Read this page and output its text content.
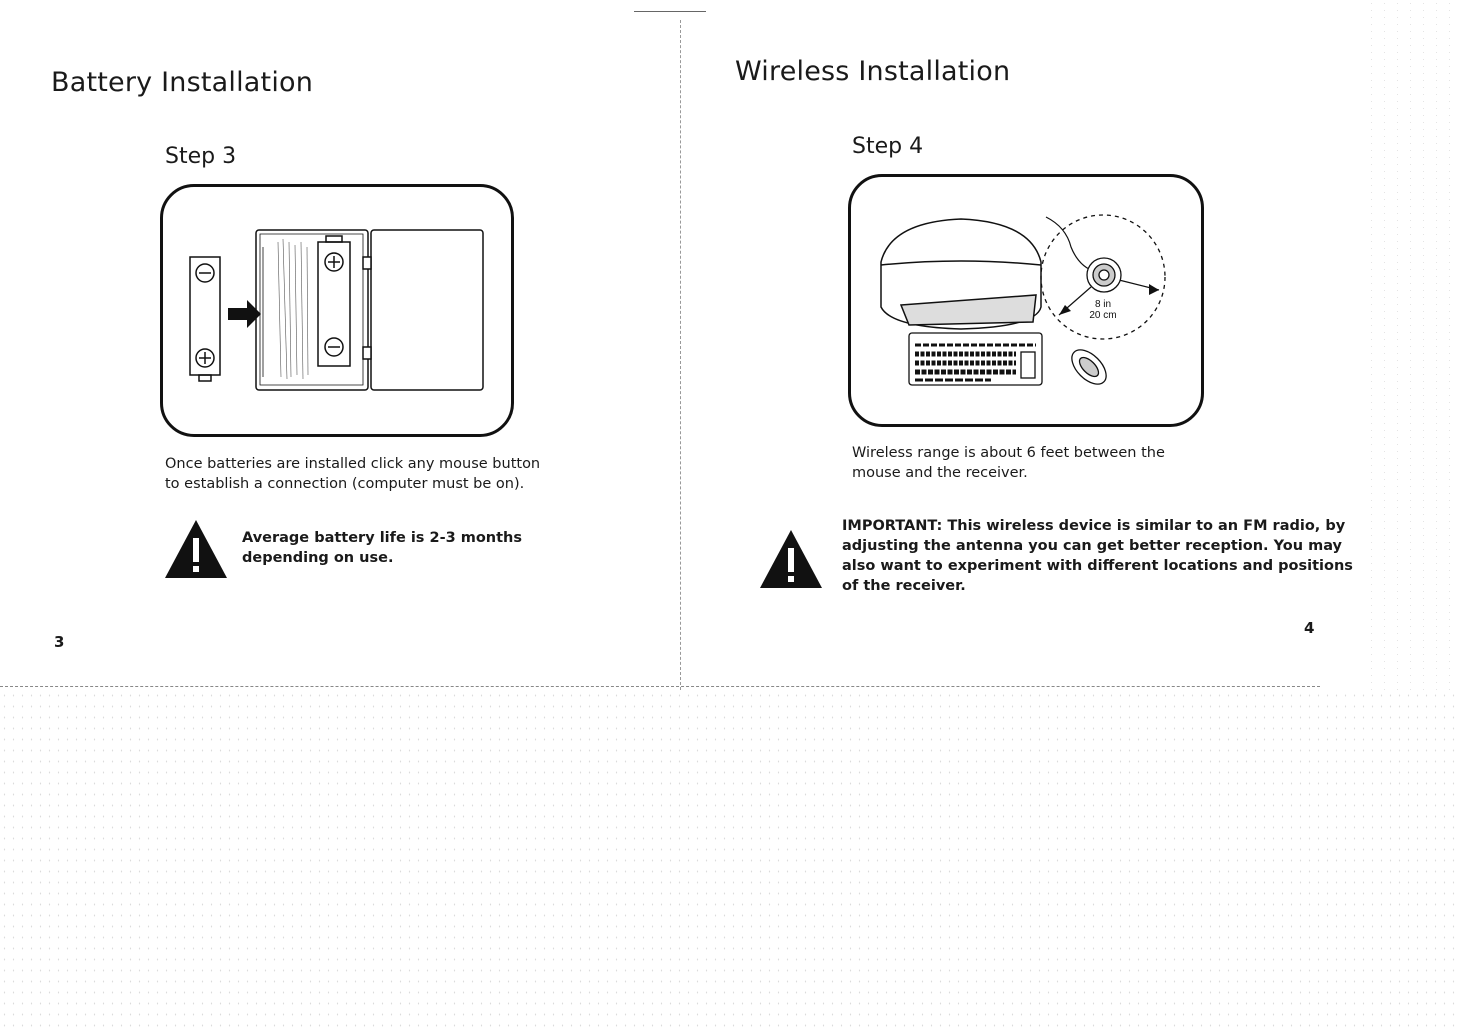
Battery Installation
Step 3

Once batteries are installed click any mouse button

to establish a connection (computer must be on).

Average battery life is 2-3 months

depending on use.

3
Wireless Installation
Step 4
8 in
20 cm

Wireless range is about 6 feet between the

mouse and the receiver.

IMPORTANT: This wireless device is similar to an FM radio, by

adjusting the antenna you can get better reception. You may

also want to experiment with different locations and positions

of the receiver.

4
